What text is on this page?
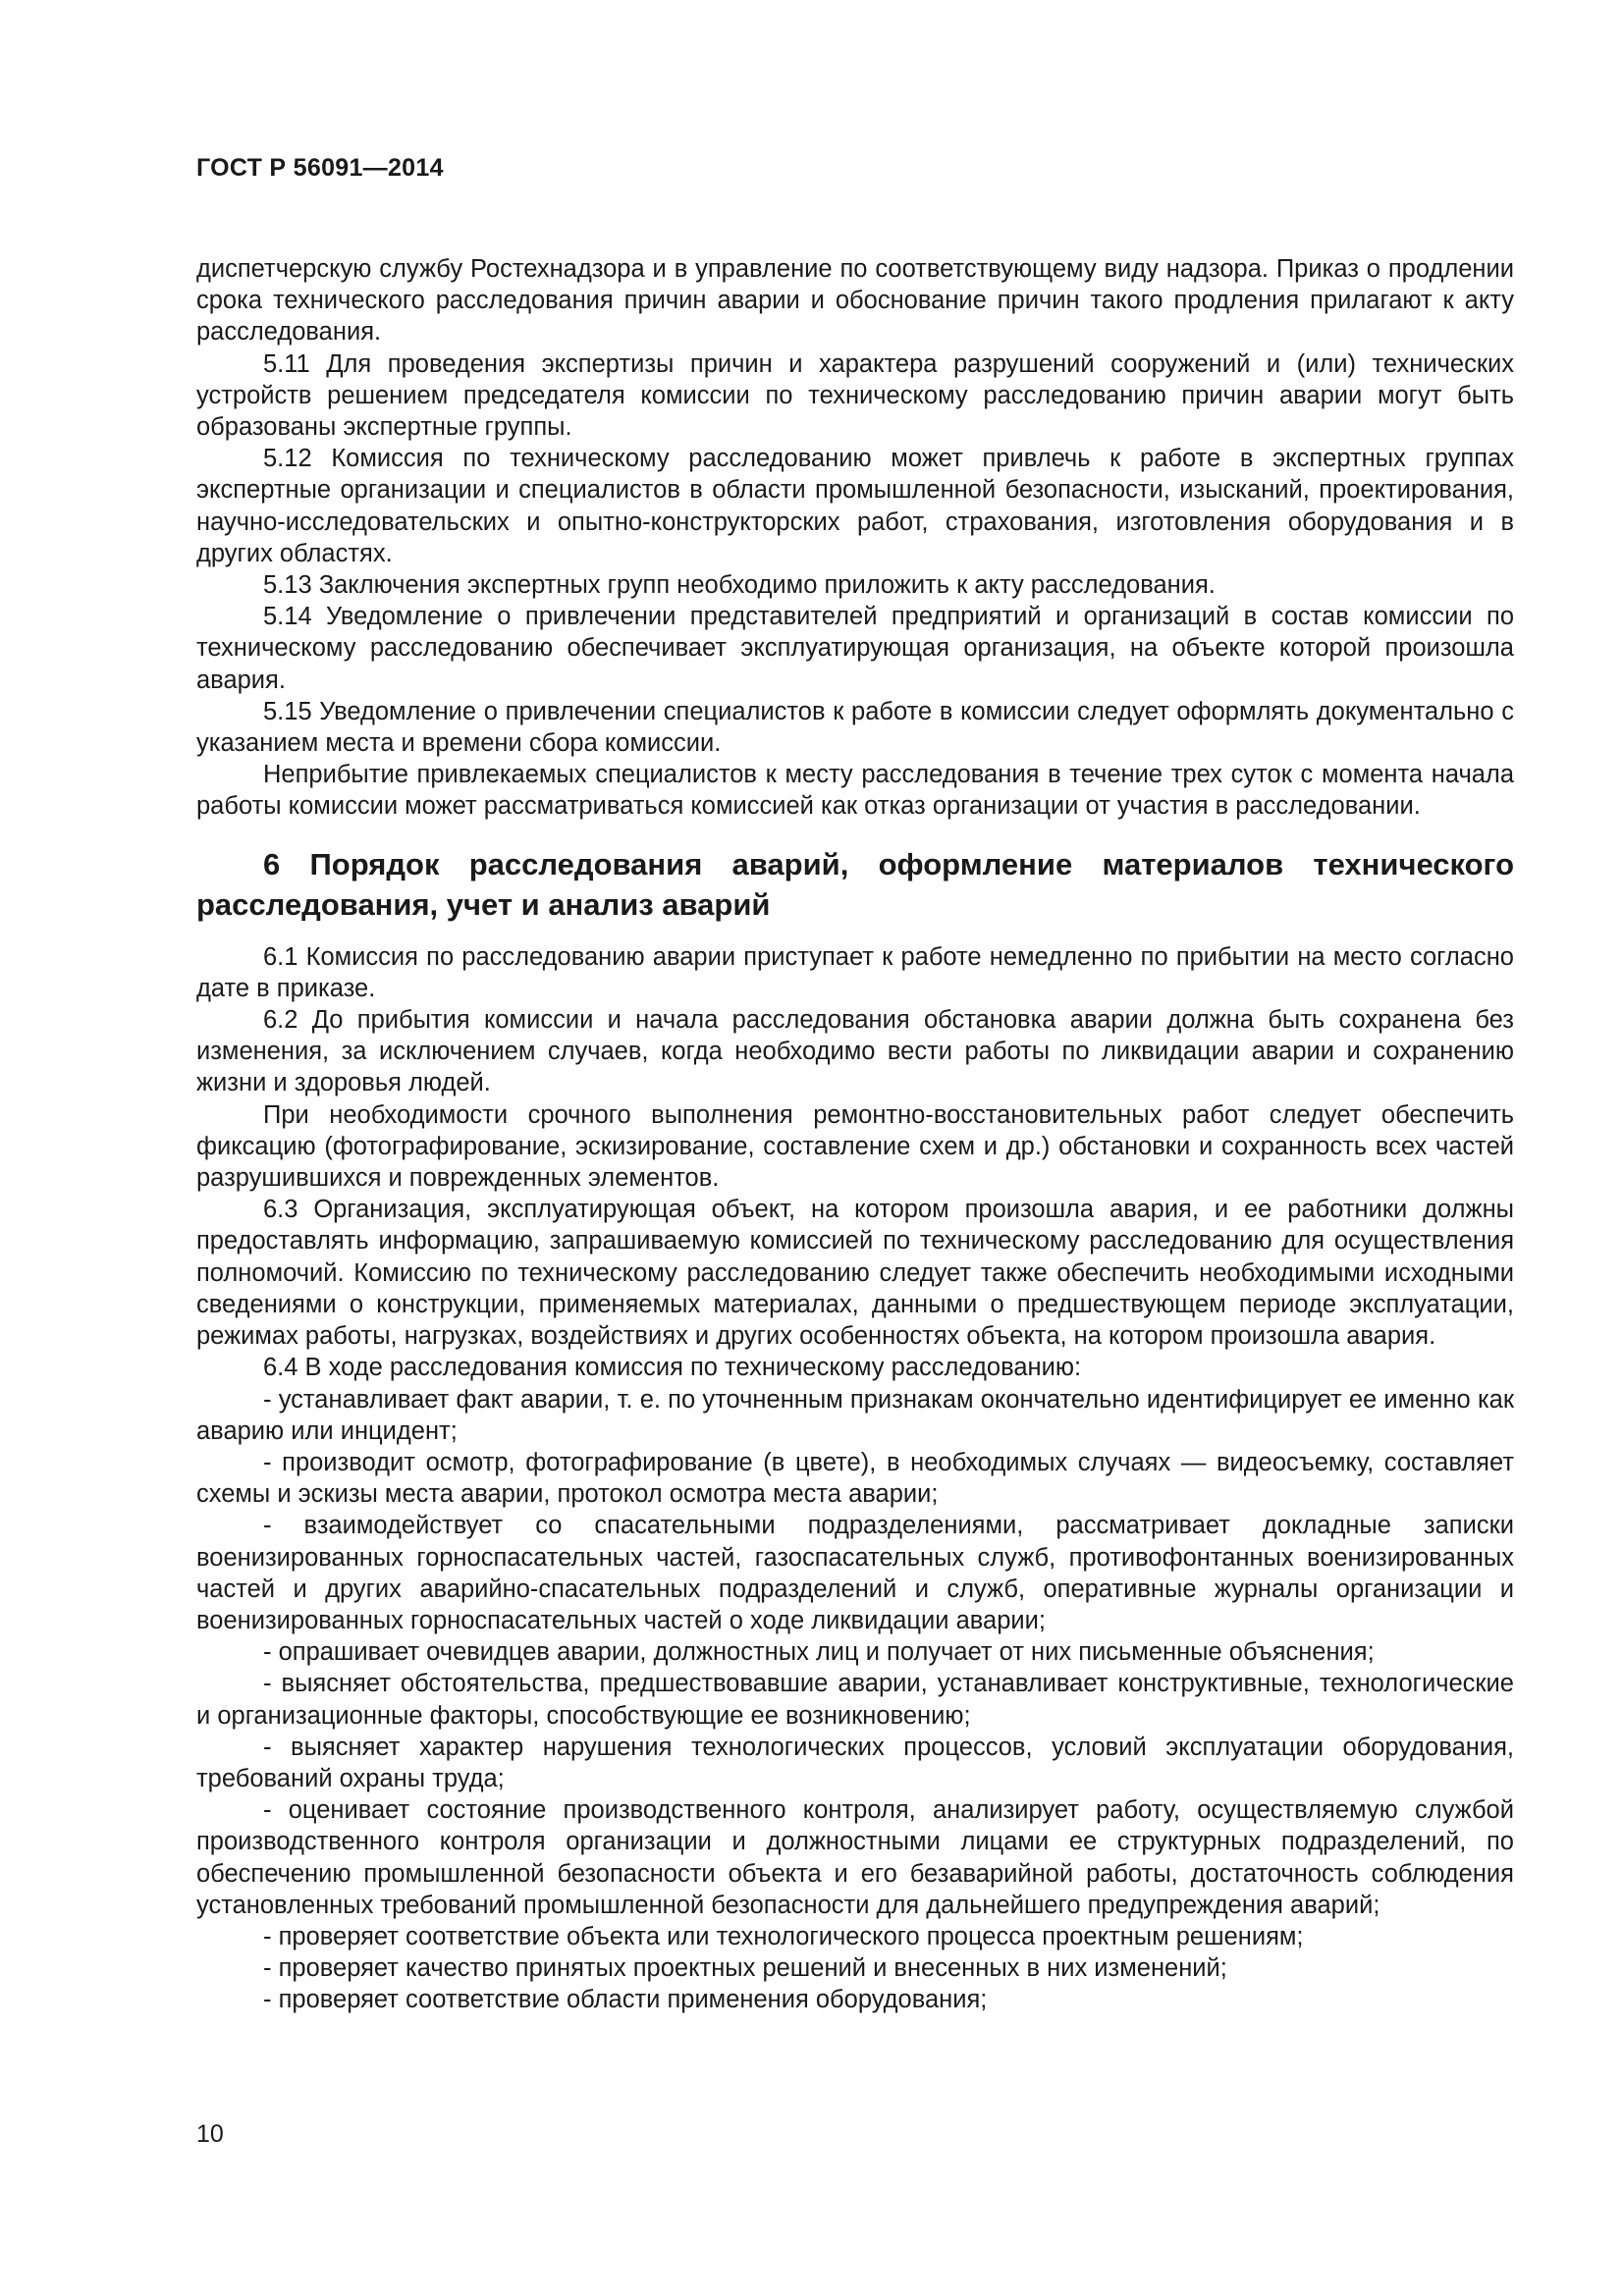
ГОСТ Р 56091—2014

диспетчерскую службу Ростехнадзора и в управление по соответствующему виду надзора. Приказ о продлении срока технического расследования причин аварии и обоснование причин такого продления прилагают к акту расследования.

5.11 Для проведения экспертизы причин и характера разрушений сооружений и (или) технических устройств решением председателя комиссии по техническому расследованию причин аварии могут быть образованы экспертные группы.

5.12 Комиссия по техническому расследованию может привлечь к работе в экспертных группах экспертные организации и специалистов в области промышленной безопасности, изысканий, проектирования, научно-исследовательских и опытно-конструкторских работ, страхования, изготовления оборудования и в других областях.

5.13 Заключения экспертных групп необходимо приложить к акту расследования.

5.14 Уведомление о привлечении представителей предприятий и организаций в состав комиссии по техническому расследованию обеспечивает эксплуатирующая организация, на объекте которой произошла авария.

5.15 Уведомление о привлечении специалистов к работе в комиссии следует оформлять документально с указанием места и времени сбора комиссии.

Неприбытие привлекаемых специалистов к месту расследования в течение трех суток с момента начала работы комиссии может рассматриваться комиссией как отказ организации от участия в расследовании.

6 Порядок расследования аварий, оформление материалов технического расследования, учет и анализ аварий

6.1 Комиссия по расследованию аварии приступает к работе немедленно по прибытии на место согласно дате в приказе.

6.2 До прибытия комиссии и начала расследования обстановка аварии должна быть сохранена без изменения, за исключением случаев, когда необходимо вести работы по ликвидации аварии и сохранению жизни и здоровья людей.

При необходимости срочного выполнения ремонтно-восстановительных работ следует обеспечить фиксацию (фотографирование, эскизирование, составление схем и др.) обстановки и сохранность всех частей разрушившихся и поврежденных элементов.

6.3 Организация, эксплуатирующая объект, на котором произошла авария, и ее работники должны предоставлять информацию, запрашиваемую комиссией по техническому расследованию для осуществления полномочий. Комиссию по техническому расследованию следует также обеспечить необходимыми исходными сведениями о конструкции, применяемых материалах, данными о предшествующем периоде эксплуатации, режимах работы, нагрузках, воздействиях и других особенностях объекта, на котором произошла авария.

6.4 В ходе расследования комиссия по техническому расследованию:

- устанавливает факт аварии, т. е. по уточненным признакам окончательно идентифицирует ее именно как аварию или инцидент;

- производит осмотр, фотографирование (в цвете), в необходимых случаях — видеосъемку, составляет схемы и эскизы места аварии, протокол осмотра места аварии;

- взаимодействует со спасательными подразделениями, рассматривает докладные записки военизированных горноспасательных частей, газоспасательных служб, противофонтанных военизированных частей и других аварийно-спасательных подразделений и служб, оперативные журналы организации и военизированных горноспасательных частей о ходе ликвидации аварии;

- опрашивает очевидцев аварии, должностных лиц и получает от них письменные объяснения;

- выясняет обстоятельства, предшествовавшие аварии, устанавливает конструктивные, технологические и организационные факторы, способствующие ее возникновению;

- выясняет характер нарушения технологических процессов, условий эксплуатации оборудования, требований охраны труда;

- оценивает состояние производственного контроля, анализирует работу, осуществляемую службой производственного контроля организации и должностными лицами ее структурных подразделений, по обеспечению промышленной безопасности объекта и его безаварийной работы, достаточность соблюдения установленных требований промышленной безопасности для дальнейшего предупреждения аварий;

- проверяет соответствие объекта или технологического процесса проектным решениям;

- проверяет качество принятых проектных решений и внесенных в них изменений;

- проверяет соответствие области применения оборудования;

10
